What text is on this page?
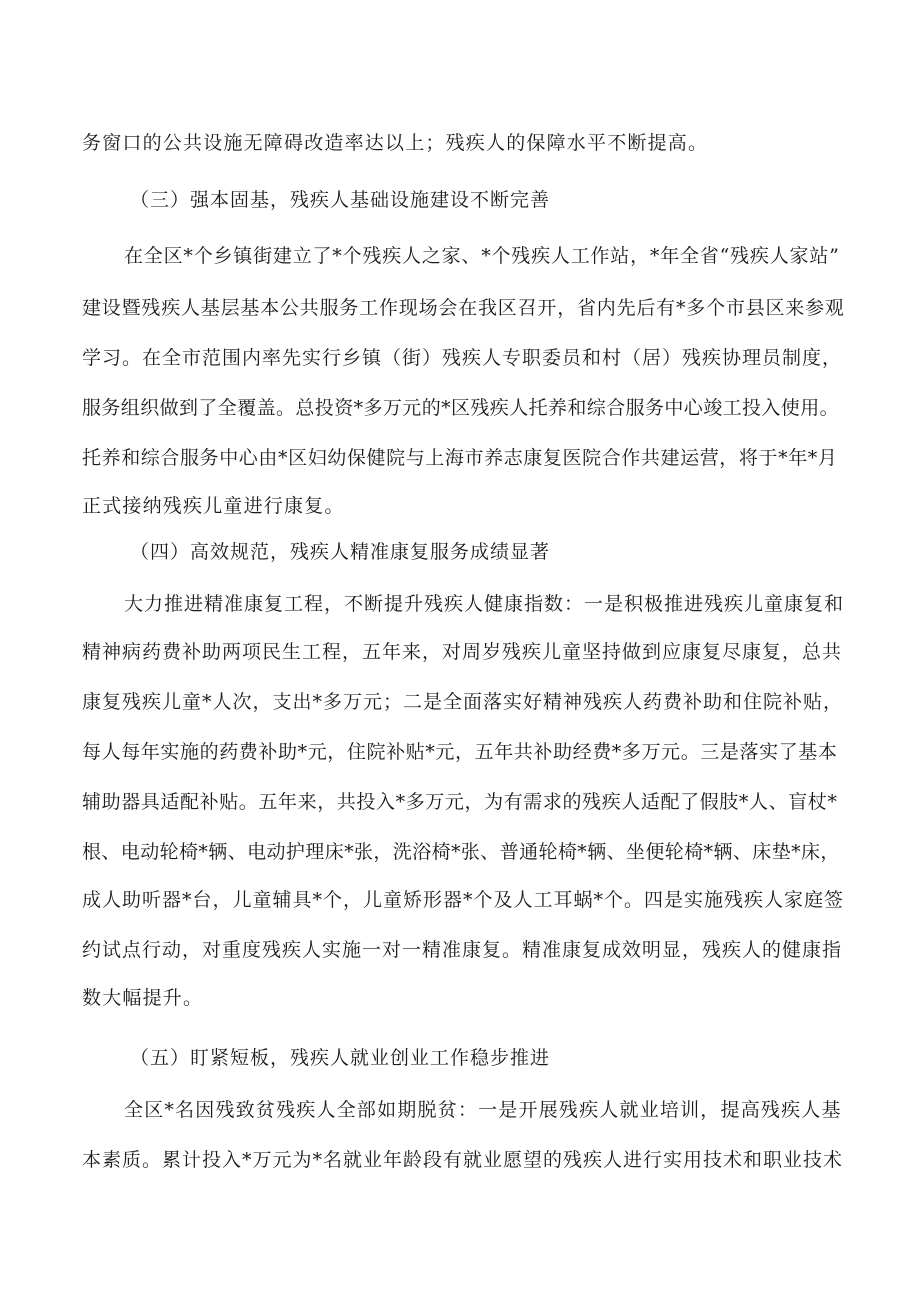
务窗口的公共设施无障碍改造率达以上；残疾人的保障水平不断提高。
（三）强本固基，残疾人基础设施建设不断完善
在全区*个乡镇街建立了*个残疾人之家、*个残疾人工作站，*年全省“残疾人家站”
建设暨残疾人基层基本公共服务工作现场会在我区召开，省内先后有*多个市县区来参观
学习。在全市范围内率先实行乡镇（街）残疾人专职委员和村（居）残疾协理员制度，
服务组织做到了全覆盖。总投资*多万元的*区残疾人托养和综合服务中心竣工投入使用。
托养和综合服务中心由*区妇幼保健院与上海市养志康复医院合作共建运营，将于*年*月
正式接纳残疾儿童进行康复。
（四）高效规范，残疾人精准康复服务成绩显著
大力推进精准康复工程，不断提升残疾人健康指数：一是积极推进残疾儿童康复和
精神病药费补助两项民生工程，五年来，对周岁残疾儿童坚持做到应康复尽康复，总共
康复残疾儿童*人次，支出*多万元；二是全面落实好精神残疾人药费补助和住院补贴，
每人每年实施的药费补助*元，住院补贴*元，五年共补助经费*多万元。三是落实了基本
辅助器具适配补贴。五年来，共投入*多万元，为有需求的残疾人适配了假肢*人、盲杖*
根、电动轮椅*辆、电动护理床*张，洗浴椅*张、普通轮椅*辆、坐便轮椅*辆、床垫*床，
成人助听器*台，儿童辅具*个，儿童矫形器*个及人工耳蜗*个。四是实施残疾人家庭签
约试点行动，对重度残疾人实施一对一精准康复。精准康复成效明显，残疾人的健康指
数大幅提升。
（五）盯紧短板，残疾人就业创业工作稳步推进
全区*名因残致贫残疾人全部如期脱贫：一是开展残疾人就业培训，提高残疾人基
本素质。累计投入*万元为*名就业年龄段有就业愿望的残疾人进行实用技术和职业技术
